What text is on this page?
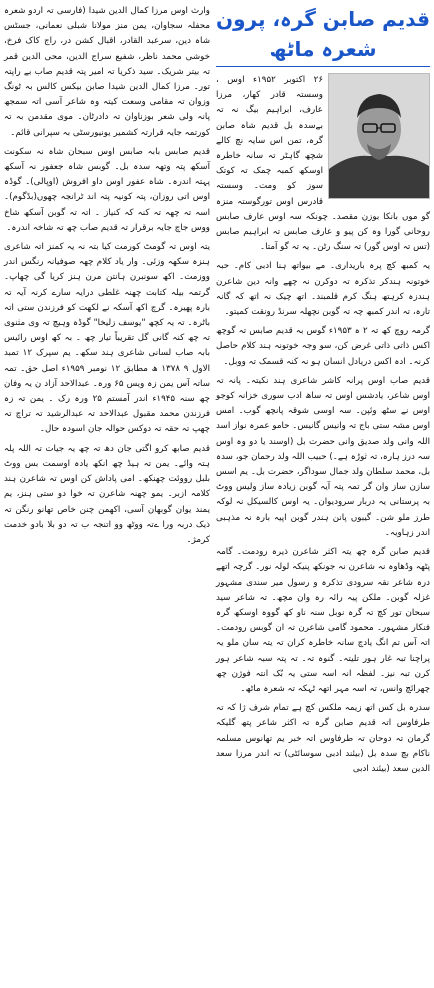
قدیم صابن گرہ، پرون شعرہ ماٹھ

۲۶ اکتوبر ۱۹۵۲ء اوس ، وسستہ قادر کھار، مرزا عارف، ابراہیم بیگ نہ تہ بےسدہ بل قدیم شاہ صابن گرہ، تمن اس سایہ نچ کالے شچھ گاہٹر تہ سانہ خاطرہ اوسکھ کمبہ چمک تہ کوتک سوز کو ومت۔ وسستہ قادرس اوس تورگوستہ منزہ گو موں بانکا بوزن مقصد۔ چونکہ سہ اوس عارف صابس روحانی گورا وہ کن پیو و عارف صابس تہ ابراہیم صابس (تس تہ اوس گور) تہ سنگ رٹن۔ یہ تہ گو آمتا۔

یہ کمبھ کچ پرہ باریداری۔ مے بیواتھ ہنا ادبی کام۔ حبہ خوتونہ ہندکر تذکرہ تہ دوکرن نہ چھے وانہ دین شاعرن ہندزہ کرہتھ ہنگ کرم قلمبند۔ اتھ چیک نہ اتھ کہ گانہ تارہ، تہ اندر کمبھ چہ تہ گوبن نچھلہ سرنڈ رونقت کمیتو۔

گرمہ روچ کھ تہ ۲ ہ ۱۹۵۳ء گوس بہ قدیم صابس تہ گوچھ اکس ذاتی ذاتی غرض کن، سو وجہ خوتونہ ہند کلام حاصل کرنہ۔ ادہ اکس دریادل انسان ہو نہ کنہ قسمک تہ ووبل۔

قدیم صاب اوس پرانہ کاشر شاعری ہند نکیتہ۔ پانہ تہ اوس شاعر، یادشس اوس تہ ساھ ادب سوری خزانہ کوجو اوس نے سٹھ وئپن۔ سہ اوسی شوقہ پانچھ گوب۔ امس اوس مشہ ستی باج تہ وانیس گانیس۔ حامو عمرہ نواز اسد اللہ وانی ولد صدیق وانی حضرت بل (اوسند یا دو وہ اوس سہ درز ہارہ، تہ ثوڑہ ہے۔) حبیب اللہ ولد رحمان جو، سدہ بل، محمد سلطان ولد جمال سوداگر، حضرت بل۔ یم اسس سازن ساز وان گر تمہ پتہ آیہ گوبن زیادہ ساز ولیس ووٹ بہ پرستانی یہ دربار سرودیوان۔ یہ اوس کالسیکل نہ لوکہ طرز ملو شن۔ گیبوں پانن ہندر گوبن اپیہ بارہ نہ مذہبی اندر زہاویہ۔

قدیم صابن گرہ چھ یتہ اکثر شاعرن ذیرہ رودمت۔ گامہ پٹھہ وڈھاوہ نہ شاعرن نہ جونکھ پنیکہ لولہ نور۔ گرچہ اتھے درہ شاعر نقہ سرودی تذکرہ و رسول میر سندی مشہور غزلہ گوبن۔ ملکن پیہ رائہ رہ وان مچھ۔ تہ شاعر سید سبحان تور کچ تہ گرہ نوبل سنہ ناو کھ گووہ اوسکھ گرہ فنکار مشہور۔ محمود گامی شاعرن تہ ان گوبس رودمت۔ اتہ آس تم انگ یادچ سانہ خاطرہ کران تہ یتہ سان ملو یہ پراچنا تبہ غار ہور تلیتہ۔ گنوہ تہ۔ تہ پتہ سبہ شاعر ہور کرن تبہ نیز۔ لفظہ انہ اسہ ستی یہ بُک انتہ فوژن چھ چھرائچ وانس، تہ اسہ مہر اتھہ ٹہکہ تہ شعرہ ماٹھ۔

سدرہ بل کس اتھ زیمہ ملکس کچ ہے تمام شرف ژا کہ تہ طرفاوس اتہ قدیم صابن گرہ تہ اکثر شاعر پتھ گلیکہ گرمان تہ دوحان تہ طرفاوس اتہ خبر یم تھانوس مسلمہ ناکام بچ سدہ بل (بیئند ادبی سوسائٹی) تہ اندر مرزا سعد الدین سعد (بیئند ادبی

وارث اوس مرزا کمال الدین شیدا (فارسی تہ اردو شعرہ محفلہ سجاوان، یمن منز مولانا شبلی نعمانی، جسٹس شاہ دین، سرعبد القادر، اقبال کشن در، راج کاک فرخ، خوشی محمد ناظر، شفیع سراج الدین، محی الدین قمر تہ بیتر شریک۔ سید ذکریا تہ امیر پتہ قدیم صاب بے راپتہ تور۔ مرزا کمال الدین شیدا صابن بیکس کالس بہ ٹونگ وزوان تہ مقامی وسعت کیتہ وہ شاعر آسی اتہ سمجھ پانہ ولی شعر بوزناوان تہ دادرٹان۔ موی مقدمن بہ تہ کورتمہ جایہ قرارتہ کشمیر یونیورسٹی بہ سپرانی قائم۔

قدیم صابس بابہ صابس اوس سبحان شاہ نہ سکونت آسکھ پتہ وتھہ سدہ بل۔ گوبس شاہ جعفور نہ آسکھ پہتہ اندرہ۔ شاہ عفور اوس داو افروش (اوپالی)۔ گوڈہ اوس اتی روزان، پتہ کونیہ پتہ اند ٹرانجہ چھوں(بڈگوم)۔ اسہ تہ چھہ تہ کنہ کہ کنیاز ۔ اتہ تہ گوبن آسکھ شاخ ووس جاچ جایہ برقرار تہ قدیم صاب چھ تہ شاخہ اندرہ۔

یتہ اوس تہ گومٹ کورمت کیا بتہ نہ یہ کمنز اتہ شاعری ہنزہ سکھہ وزئی۔ وار یاد کلام چھہ صوفیانہ رنگس اندر ووزمت۔ اکھ سونبرن ہانتن مرن ہنز کریا گی چھاپ۔ گرتمہ بیلہ کتابت چھنہ غلطی درایہ سارے کرنہ آیہ تہ بارہ پھیرہ۔ گرچ اکھ آسکہ نے لکھت کو فرزندن ستی اتہ باٹرہ۔ تہ یہ کچھ "یوسف زلیخا" گوڈہ وہیچ تہ وی مثنوی تہ چھ کنہ گانی گل تقریباً تیار چھ ۔ بہ کھ اوس رائیس بابہ صاب لسانی شاعری ہند سکھ۔ یم سپرک ۱۲ تمبد الاول ۹ ۱۳۷۸ ھ مطابق ۱۲ نومبر ۱۹۵۹ء اصل حق۔ تمہ ساتہ آس یمن زہ ویس ۶۵ ورہ۔ عبدالاحد آزاد ن یہ وفان چھ سنہ ۱۹۴۵ء اندر آمستم ۲۵ ورہ رک ۔ یمن تہ زہ فرزندن محمد مقبول عبدالاحد تہ عبدالرشید تہ تراچ تہ چھپ تہ حقہ تہ دوکس حوالہ جان اسودہ حال۔

قدیم صابھ کرو اگتی جان دھ تہ چھ یہ جیات تہ اللہ پلہ ہتہ وائے۔ یمن تہ ہیڈ چھ انکھ یادہ اوسمت بس ووٹ بلبل رووئت چھنکھ۔ امی پاداش کن اوس تہ شاعرن ہند کلامہ ازبر۔ یمو چھنہ شاعرن تہ خوا دو ستی ہنز، یم یمند یوان گوبھان آسی، اکھمن چنن خاص تھانو رنگن تہ ذیک دربہ ورا ےتہ ووٹھ وو اتنجہ ب تہ دو بلا بادو خدمت کرمژ۔
